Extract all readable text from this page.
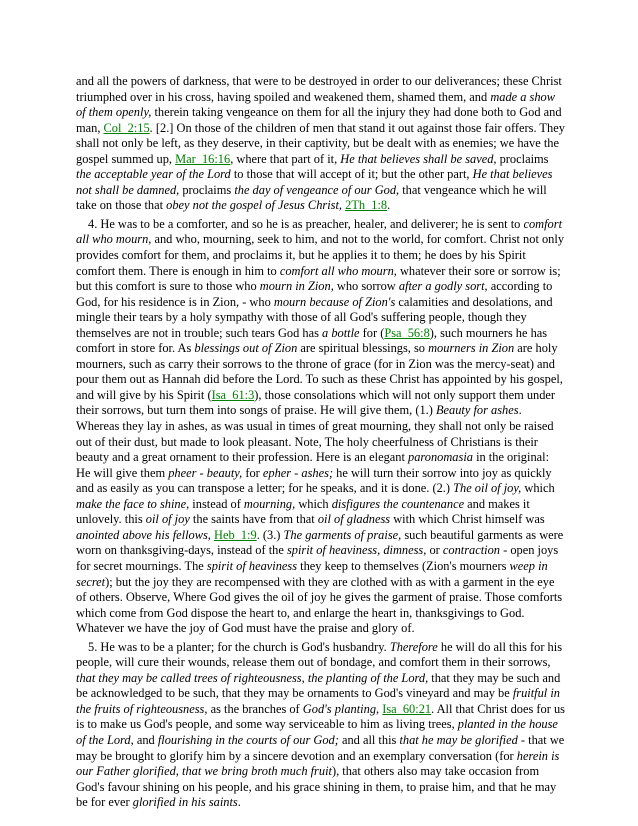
and all the powers of darkness, that were to be destroyed in order to our deliverances; these Christ triumphed over in his cross, having spoiled and weakened them, shamed them, and made a show of them openly, therein taking vengeance on them for all the injury they had done both to God and man, Col_2:15. [2.] On those of the children of men that stand it out against those fair offers. They shall not only be left, as they deserve, in their captivity, but be dealt with as enemies; we have the gospel summed up, Mar_16:16, where that part of it, He that believes shall be saved, proclaims the acceptable year of the Lord to those that will accept of it; but the other part, He that believes not shall be damned, proclaims the day of vengeance of our God, that vengeance which he will take on those that obey not the gospel of Jesus Christ, 2Th_1:8.

4. He was to be a comforter, and so he is as preacher, healer, and deliverer; he is sent to comfort all who mourn, and who, mourning, seek to him, and not to the world, for comfort. Christ not only provides comfort for them, and proclaims it, but he applies it to them; he does by his Spirit comfort them. There is enough in him to comfort all who mourn, whatever their sore or sorrow is; but this comfort is sure to those who mourn in Zion, who sorrow after a godly sort, according to God, for his residence is in Zion, - who mourn because of Zion's calamities and desolations, and mingle their tears by a holy sympathy with those of all God's suffering people, though they themselves are not in trouble; such tears God has a bottle for (Psa_56:8), such mourners he has comfort in store for. As blessings out of Zion are spiritual blessings, so mourners in Zion are holy mourners, such as carry their sorrows to the throne of grace (for in Zion was the mercy-seat) and pour them out as Hannah did before the Lord. To such as these Christ has appointed by his gospel, and will give by his Spirit (Isa_61:3), those consolations which will not only support them under their sorrows, but turn them into songs of praise. He will give them, (1.) Beauty for ashes. Whereas they lay in ashes, as was usual in times of great mourning, they shall not only be raised out of their dust, but made to look pleasant. Note, The holy cheerfulness of Christians is their beauty and a great ornament to their profession. Here is an elegant paronomasia in the original: He will give them pheer - beauty, for epher - ashes; he will turn their sorrow into joy as quickly and as easily as you can transpose a letter; for he speaks, and it is done. (2.) The oil of joy, which make the face to shine, instead of mourning, which disfigures the countenance and makes it unlovely. this oil of joy the saints have from that oil of gladness with which Christ himself was anointed above his fellows, Heb_1:9. (3.) The garments of praise, such beautiful garments as were worn on thanksgiving-days, instead of the spirit of heaviness, dimness, or contraction - open joys for secret mournings. The spirit of heaviness they keep to themselves (Zion's mourners weep in secret); but the joy they are recompensed with they are clothed with as with a garment in the eye of others. Observe, Where God gives the oil of joy he gives the garment of praise. Those comforts which come from God dispose the heart to, and enlarge the heart in, thanksgivings to God. Whatever we have the joy of God must have the praise and glory of.

5. He was to be a planter; for the church is God's husbandry. Therefore he will do all this for his people, will cure their wounds, release them out of bondage, and comfort them in their sorrows, that they may be called trees of righteousness, the planting of the Lord, that they may be such and be acknowledged to be such, that they may be ornaments to God's vineyard and may be fruitful in the fruits of righteousness, as the branches of God's planting, Isa_60:21. All that Christ does for us is to make us God's people, and some way serviceable to him as living trees, planted in the house of the Lord, and flourishing in the courts of our God; and all this that he may be glorified - that we may be brought to glorify him by a sincere devotion and an exemplary conversation (for herein is our Father glorified, that we bring broth much fruit), that others also may take occasion from God's favour shining on his people, and his grace shining in them, to praise him, and that he may be for ever glorified in his saints.
